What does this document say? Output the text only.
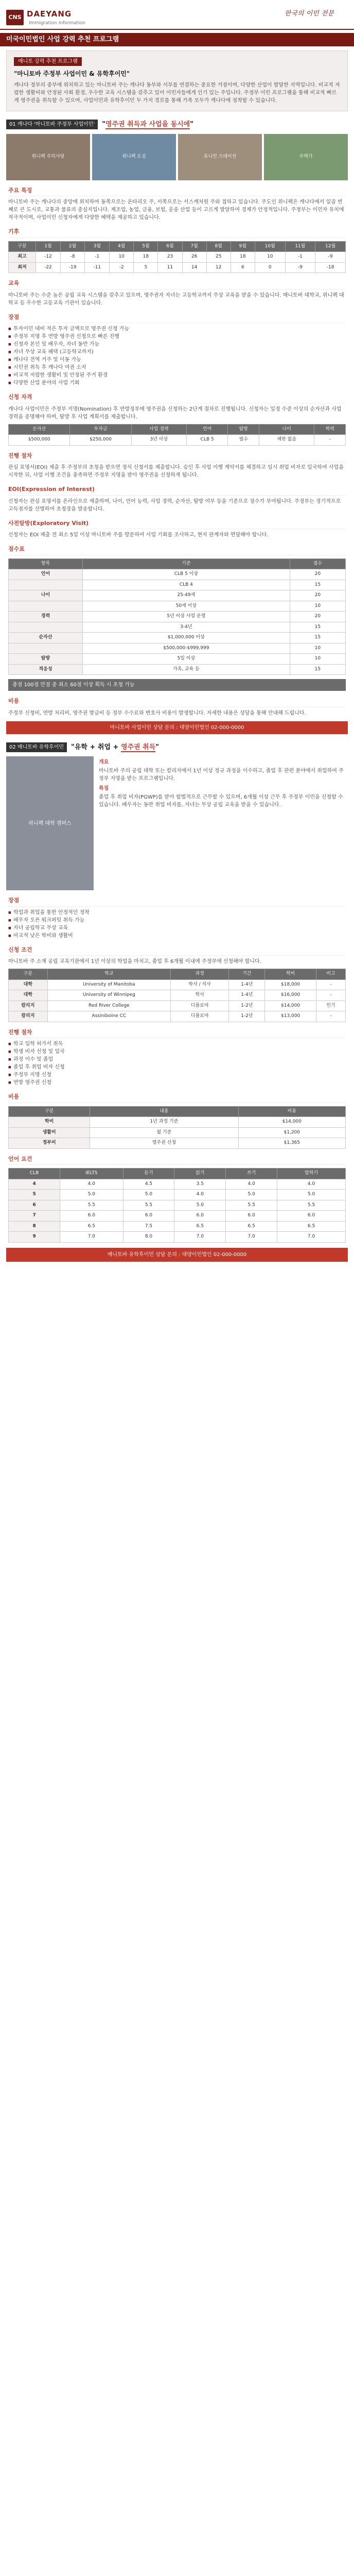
CNS DAEYANG
Immigration Information
한국의 이민 전문
미국이민법인 사업 강력 추천 프로그램
매니토 강력 추천 프로그램
"마니토바 주정부 사업이민 & 유학후이민"

캐나다 정부의 중부에 위치하고 있는 마니토바 주는 캐나다 동부와 서부를 연결하는 중요한 거점이며, 다양한 산업이 발달한 지역입니다. 비교적 저렴한 생활비와 안정된 사회 환경, 우수한 교육 시스템을 갖추고 있어 이민자들에게 인기 있는 주입니다. 주정부 이민 프로그램을 통해 비교적 빠르게 영주권을 취득할 수 있으며, 사업이민과 유학후이민 두 가지 경로를 통해 가족 모두가 캐나다에 정착할 수 있습니다.

01 캐나다 '마니토바 주정부 사업이민'	"영주권 취득과 사업을 동시에"
위니펙 주의사당	위니펙 도심	유니언 스테이션	주택가
주요 특징

마니토바 주는 캐나다의 중앙에 위치하여 동쪽으로는 온타리오 주, 서쪽으로는 서스캐처원 주와 접하고 있습니다. 주도인 위니펙은 캐나다에서 일곱 번째로 큰 도시로, 교통과 물류의 중심지입니다. 제조업, 농업, 금융, 보험, 운송 산업 등이 고르게 발달하여 경제가 안정적입니다. 주정부는 이민자 유치에 적극적이며, 사업이민 신청자에게 다양한 혜택을 제공하고 있습니다.

기후
구분	1월	2월	3월	4월	5월	6월	7월	8월	9월	10월	11월	12월
최고	-12	-8	-1	10	18	23	26	25	18	10	-1	-9
최저	-22	-19	-11	-2	5	11	14	12	6	0	-9	-18
교육

마니토바 주는 수준 높은 공립 교육 시스템을 갖추고 있으며, 영주권자 자녀는 고등학교까지 무상 교육을 받을 수 있습니다. 매니토바 대학교, 위니펙 대학교 등 우수한 고등교육 기관이 있습니다.

장점
■ 투자이민 대비 적은 투자 금액으로 영주권 신청 가능
■ 주정부 지명 후 연방 영주권 신청으로 빠른 진행
■ 신청자 본인 및 배우자, 자녀 동반 가능
■ 자녀 무상 교육 혜택 (고등학교까지)
■ 캐나다 전역 거주 및 이동 가능
■ 시민권 취득 후 캐나다 여권 소지
■ 비교적 저렴한 생활비 및 안정된 주거 환경
■ 다양한 산업 분야의 사업 기회
신청 자격

캐나다 사업이민은 주정부 지명(Nomination) 후 연방정부에 영주권을 신청하는 2단계 절차로 진행됩니다. 신청자는 일정 수준 이상의 순자산과 사업 경력을 증명해야 하며, 탐방 후 사업 계획서를 제출합니다.

순자산	투자금	사업 경력	언어	탐방	나이	학력
$500,000	$250,000	3년 이상	CLB 5	필수	제한 없음	-
진행 절차

관심 표명서(EOI) 제출 후 주정부의 초청을 받으면 정식 신청서를 제출합니다. 승인 후 사업 이행 계약서를 체결하고 임시 취업 비자로 입국하여 사업을 시작한 뒤, 사업 이행 조건을 충족하면 주정부 지명을 받아 영주권을 신청하게 됩니다.

EOI(Expression of Interest)

신청자는 관심 표명서를 온라인으로 제출하며, 나이, 언어 능력, 사업 경력, 순자산, 탐방 여부 등을 기준으로 점수가 부여됩니다. 주정부는 정기적으로 고득점자를 선별하여 초청장을 발송합니다.

사전탐방(Exploratory Visit)

신청자는 EOI 제출 전 최소 5일 이상 마니토바 주를 방문하여 사업 기회를 조사하고, 현지 관계자와 면담해야 합니다.

점수표
항목	기준	점수
언어	CLB 5 이상	20
	CLB 4	15
나이	25-49세	20
	50세 이상	10
경력	5년 이상 사업 운영	20
	3-4년	15
순자산	$1,000,000 이상	15
	$500,000-$999,999	10
탐방	5일 이상	10
적응성	가족, 교육 등	15
총점 100점 만점 중 최소 60점 이상 획득 시 초청 가능
비용

주정부 신청비, 연방 처리비, 영주권 발급비 등 정부 수수료와 변호사 비용이 발생합니다. 자세한 내용은 상담을 통해 안내해 드립니다.

마니토바 사업이민 상담 문의 : 대양이민법인 02-000-0000
02 매니토바 유학후이민	"유학 + 취업 + 영주권 취득"
위니펙 대학 캠퍼스
개요

마니토바 주의 공립 대학 또는 칼리지에서 1년 이상 정규 과정을 이수하고, 졸업 후 관련 분야에서 취업하여 주정부 지명을 받는 프로그램입니다.

특징

졸업 후 취업 비자(PGWP)를 받아 합법적으로 근무할 수 있으며, 6개월 이상 근무 후 주정부 이민을 신청할 수 있습니다. 배우자는 동반 취업 비자를, 자녀는 무상 공립 교육을 받을 수 있습니다.

장점
■ 학업과 취업을 통한 안정적인 정착
■ 배우자 오픈 워크퍼밋 취득 가능
■ 자녀 공립학교 무상 교육
■ 비교적 낮은 학비와 생활비
신청 조건

마니토바 주 소재 공립 교육기관에서 1년 이상의 학업을 마치고, 졸업 후 6개월 이내에 주정부에 신청해야 합니다.

구분	학교	과정	기간	학비	비고
대학	University of Manitoba	학사 / 석사	1-4년	$18,000	-
대학	University of Winnipeg	학사	1-4년	$16,000	-
칼리지	Red River College	디플로마	1-2년	$14,000	인기
칼리지	Assiniboine CC	디플로마	1-2년	$13,000	-
진행 절차
■ 학교 입학 허가서 취득
■ 학생 비자 신청 및 입국
■ 과정 이수 및 졸업
■ 졸업 후 취업 비자 신청
■ 주정부 지명 신청
■ 연방 영주권 신청
비용
구분	내용	비용
학비	1년 과정 기준	$14,000
생활비	월 기준	$1,200
정부비	영주권 신청	$1,365
언어 요건
CLB	IELTS	듣기	읽기	쓰기	말하기
4	4.0	4.5	3.5	4.0	4.0
5	5.0	5.0	4.0	5.0	5.0
6	5.5	5.5	5.0	5.5	5.5
7	6.0	6.0	6.0	6.0	6.0
8	6.5	7.5	6.5	6.5	6.5
9	7.0	8.0	7.0	7.0	7.0
매니토바 유학후이민 상담 문의 : 대양이민법인 02-000-0000
